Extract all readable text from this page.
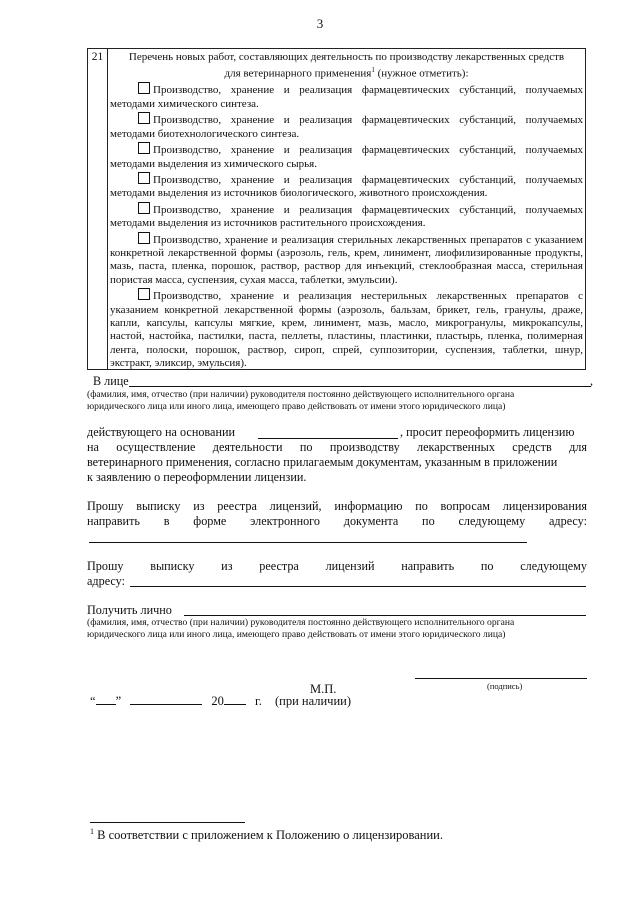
3
21	Перечень новых работ, составляющих деятельность по производству лекарственных средств
для ветеринарного применения$^1$ (нужное отметить):
Производство, хранение и реализация фармацевтических субстанций, получаемых методами химического синтеза.
Производство, хранение и реализация фармацевтических субстанций, получаемых методами биотехнологического синтеза.
Производство, хранение и реализация фармацевтических субстанций, получаемых методами выделения из химического сырья.
Производство, хранение и реализация фармацевтических субстанций, получаемых методами выделения из источников биологического, животного происхождения.
Производство, хранение и реализация фармацевтических субстанций, получаемых методами выделения из источников растительного происхождения.
Производство, хранение и реализация стерильных лекарственных препаратов с указанием конкретной лекарственной формы (аэрозоль, гель, крем, линимент, лиофилизированные продукты, мазь, паста, пленка, порошок, раствор, раствор для инъекций, стеклообразная масса, стерильная пористая масса, суспензия, сухая масса, таблетки, эмульсии).
Производство, хранение и реализация нестерильных лекарственных препаратов с указанием конкретной лекарственной формы (аэрозоль, бальзам, брикет, гель, гранулы, драже, капли, капсулы, капсулы мягкие, крем, линимент, мазь, масло, микрогранулы, микрокапсулы, настой, настойка, пастилки, паста, пеллеты, пластины, пластинки, пластырь, пленка, полимерная лента, полоски, порошок, раствор, сироп, спрей, суппозитории, суспензия, таблетки, шнур, экстракт, эликсир, эмульсия).
В лице	,
(фамилия, имя, отчество (при наличии) руководителя постоянно действующего исполнительного органа
юридического лица или иного лица, имеющего право действовать от имени этого юридического лица)
действующего на основании	, просит переоформить лицензию
на осуществление деятельности по производству лекарственных средств для
ветеринарного применения, согласно прилагаемым документам, указанным в приложении
к заявлению о переоформлении лицензии.
Прошу выписку из реестра лицензий, информацию по вопросам лицензирования
направить в форме электронного документа по следующему адресу:
Прошу выписку из реестра лицензий направить по следующему
адресу:
Получить лично
(фамилия, имя, отчество (при наличии) руководителя постоянно действующего исполнительного органа
юридического лица или иного лица, имеющего право действовать от имени этого юридического лица)
(подпись)
М.П.
“ ”	20 г. (при наличии)
$^1$ В соответствии с приложением к Положению о лицензировании.
